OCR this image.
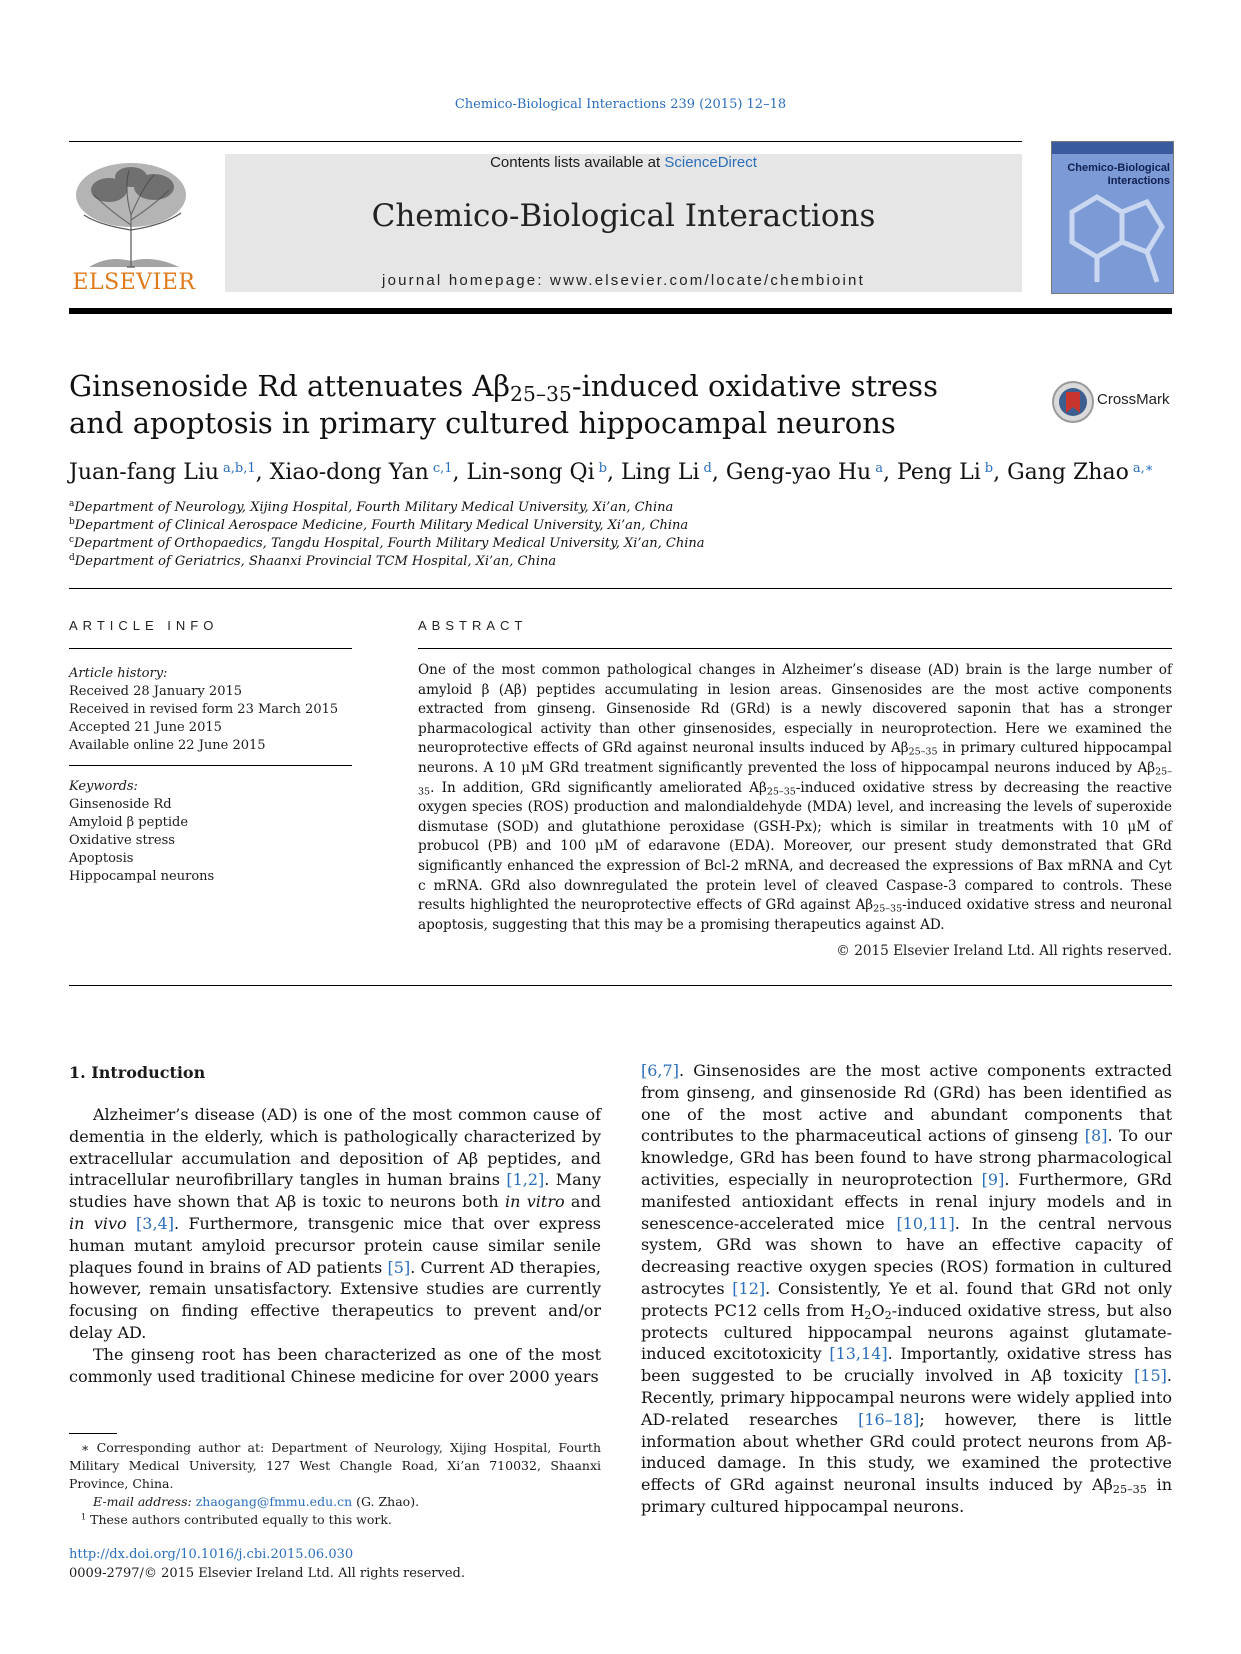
Chemico-Biological Interactions 239 (2015) 12–18
ELSEVIER
Contents lists available at ScienceDirect
Chemico-Biological Interactions
journal homepage: www.elsevier.com/locate/chembioint
Chemico-Biological Interactions
Ginsenoside Rd attenuates $A\beta_{25-35}$-induced oxidative stress
and apoptosis in primary cultured hippocampal neurons
CrossMark
Juan-fang Liu $^{a,b,1}$, Xiao-dong Yan $^{c,1}$, Lin-song Qi $^b$, Ling Li $^d$, Geng-yao Hu $^a$, Peng Li $^b$, Gang Zhao $^{a,∗}$
$^a$Department of Neurology, Xijing Hospital, Fourth Military Medical University, Xi’an, China
$^b$Department of Clinical Aerospace Medicine, Fourth Military Medical University, Xi’an, China
$^c$Department of Orthopaedics, Tangdu Hospital, Fourth Military Medical University, Xi’an, China
$^d$Department of Geriatrics, Shaanxi Provincial TCM Hospital, Xi’an, China
ARTICLE INFO
Article history:
Received 28 January 2015
Received in revised form 23 March 2015
Accepted 21 June 2015
Available online 22 June 2015
Keywords:
Ginsenoside Rd
Amyloid β peptide
Oxidative stress
Apoptosis
Hippocampal neurons
ABSTRACT
One of the most common pathological changes in Alzheimer’s disease (AD) brain is the large number of amyloid β (Aβ) peptides accumulating in lesion areas. Ginsenosides are the most active components extracted from ginseng. Ginsenoside Rd (GRd) is a newly discovered saponin that has a stronger pharmacological activity than other ginsenosides, especially in neuroprotection. Here we examined the neuroprotective effects of GRd against neuronal insults induced by $A\beta_{25-35}$ in primary cultured hippocampal neurons. A 10 μM GRd treatment significantly prevented the loss of hippocampal neurons induced by $A\beta_{25-35}$. In addition, GRd significantly ameliorated $A\beta_{25-35}$-induced oxidative stress by decreasing the reactive oxygen species (ROS) production and malondialdehyde (MDA) level, and increasing the levels of superoxide dismutase (SOD) and glutathione peroxidase (GSH-Px); which is similar in treatments with 10 μM of probucol (PB) and 100 μM of edaravone (EDA). Moreover, our present study demonstrated that GRd significantly enhanced the expression of Bcl-2 mRNA, and decreased the expressions of Bax mRNA and Cyt c mRNA. GRd also downregulated the protein level of cleaved Caspase-3 compared to controls. These results highlighted the neuroprotective effects of GRd against $A\beta_{25-35}$-induced oxidative stress and neuronal apoptosis, suggesting that this may be a promising therapeutics against AD.
© 2015 Elsevier Ireland Ltd. All rights reserved.
1. Introduction

Alzheimer’s disease (AD) is one of the most common cause of dementia in the elderly, which is pathologically characterized by extracellular accumulation and deposition of Aβ peptides, and intracellular neurofibrillary tangles in human brains [1,2]. Many studies have shown that Aβ is toxic to neurons both in vitro and in vivo [3,4]. Furthermore, transgenic mice that over express human mutant amyloid precursor protein cause similar senile plaques found in brains of AD patients [5]. Current AD therapies, however, remain unsatisfactory. Extensive studies are currently focusing on finding effective therapeutics to prevent and/or delay AD.

The ginseng root has been characterized as one of the most commonly used traditional Chinese medicine for over 2000 years

[6,7]. Ginsenosides are the most active components extracted from ginseng, and ginsenoside Rd (GRd) has been identified as one of the most active and abundant components that contributes to the pharmaceutical actions of ginseng [8]. To our knowledge, GRd has been found to have strong pharmacological activities, especially in neuroprotection [9]. Furthermore, GRd manifested antioxidant effects in renal injury models and in senescence-accelerated mice [10,11]. In the central nervous system, GRd was shown to have an effective capacity of decreasing reactive oxygen species (ROS) formation in cultured astrocytes [12]. Consistently, Ye et al. found that GRd not only protects PC12 cells from $H_2O_2$-induced oxidative stress, but also protects cultured hippocampal neurons against glutamate-induced excitotoxicity [13,14]. Importantly, oxidative stress has been suggested to be crucially involved in Aβ toxicity [15]. Recently, primary hippocampal neurons were widely applied into AD-related researches [16–18]; however, there is little information about whether GRd could protect neurons from Aβ-induced damage. In this study, we examined the protective effects of GRd against neuronal insults induced by $A\beta_{25-35}$ in primary cultured hippocampal neurons.

∗ Corresponding author at: Department of Neurology, Xijing Hospital, Fourth Military Medical University, 127 West Changle Road, Xi’an 710032, Shaanxi Province, China.
E-mail address: zhaogang@fmmu.edu.cn (G. Zhao).
$^1$ These authors contributed equally to this work.
http://dx.doi.org/10.1016/j.cbi.2015.06.030
0009-2797/© 2015 Elsevier Ireland Ltd. All rights reserved.
